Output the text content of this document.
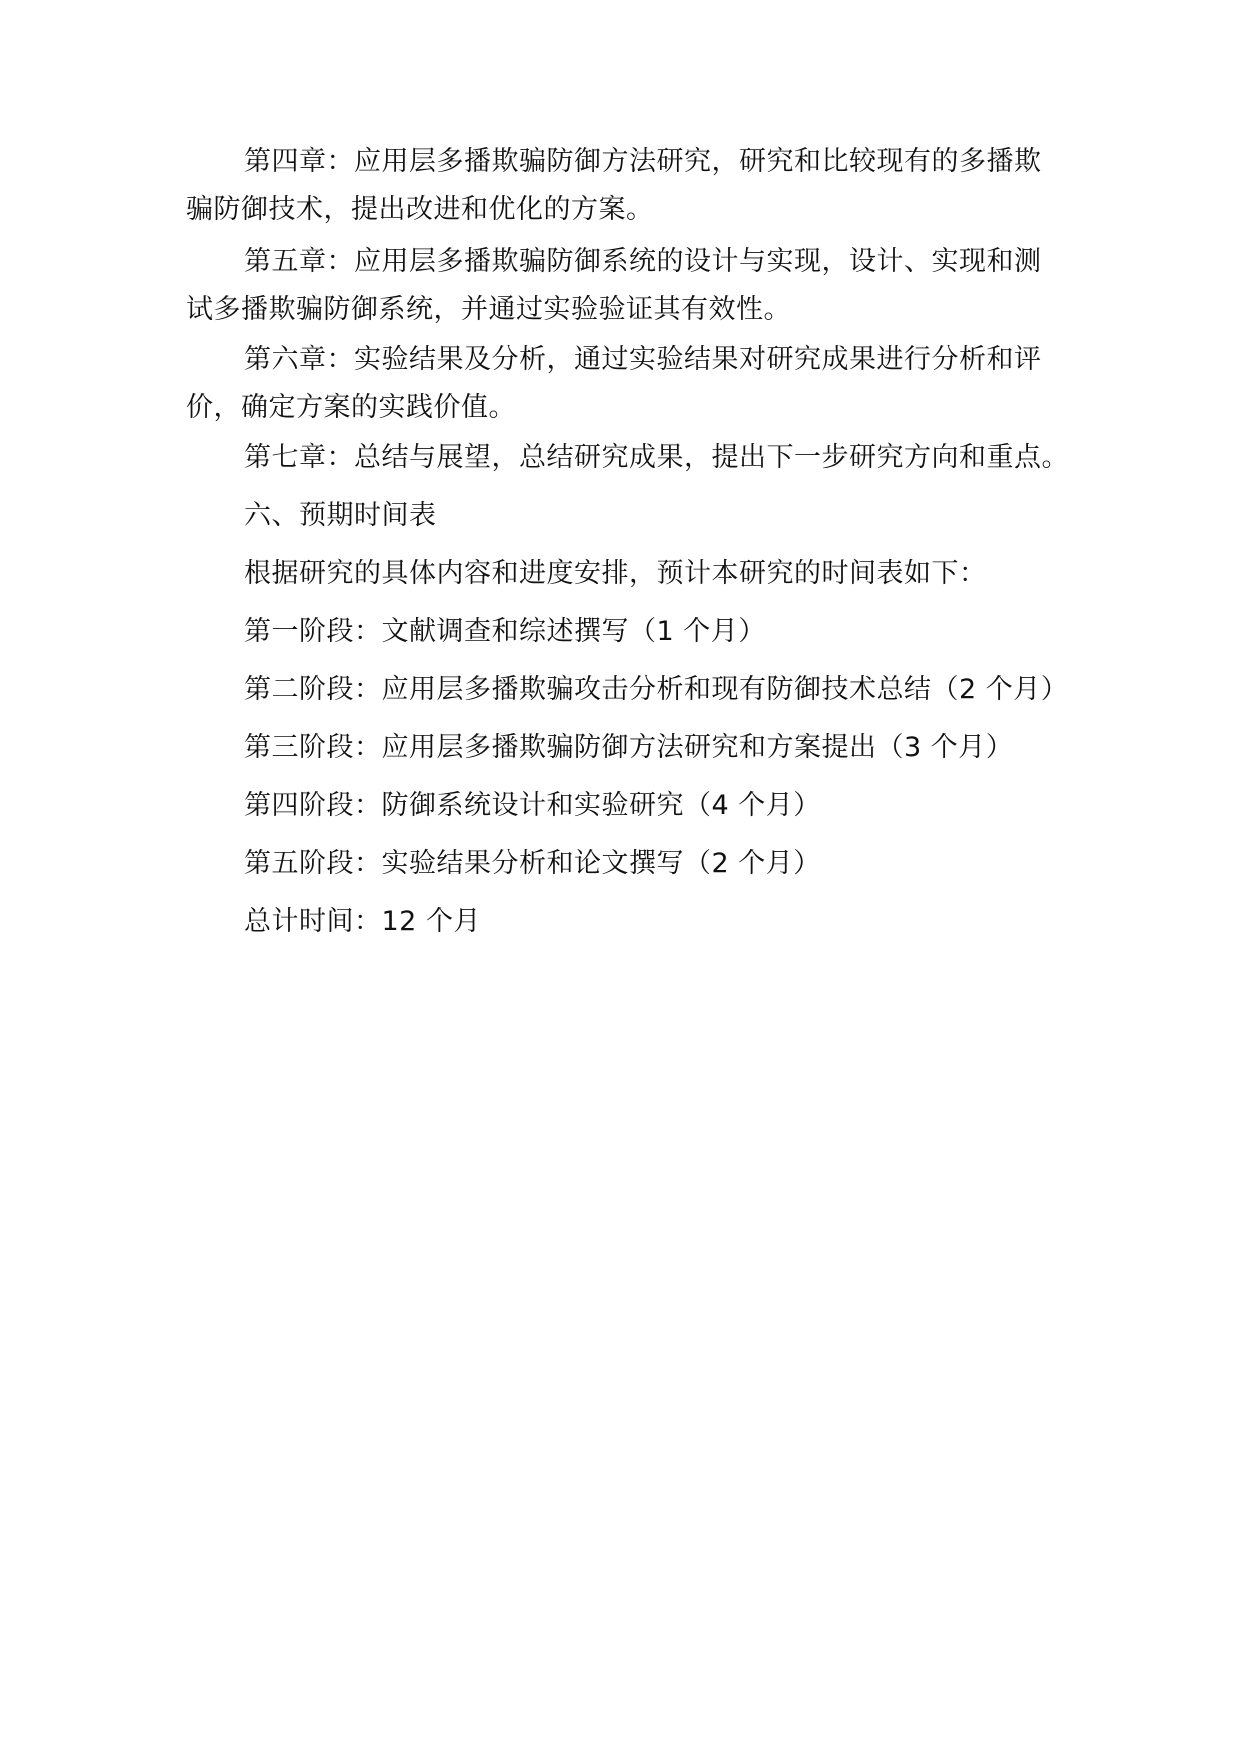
第四章：应用层多播欺骗防御方法研究，研究和比较现有的多播欺骗防御技术，提出改进和优化的方案。

第五章：应用层多播欺骗防御系统的设计与实现，设计、实现和测试多播欺骗防御系统，并通过实验验证其有效性。

第六章：实验结果及分析，通过实验结果对研究成果进行分析和评价，确定方案的实践价值。

第七章：总结与展望，总结研究成果，提出下一步研究方向和重点。

六、预期时间表

根据研究的具体内容和进度安排，预计本研究的时间表如下：

第一阶段：文献调查和综述撰写（1 个月）

第二阶段：应用层多播欺骗攻击分析和现有防御技术总结（2 个月）

第三阶段：应用层多播欺骗防御方法研究和方案提出（3 个月）

第四阶段：防御系统设计和实验研究（4 个月）

第五阶段：实验结果分析和论文撰写（2 个月）

总计时间：12 个月
